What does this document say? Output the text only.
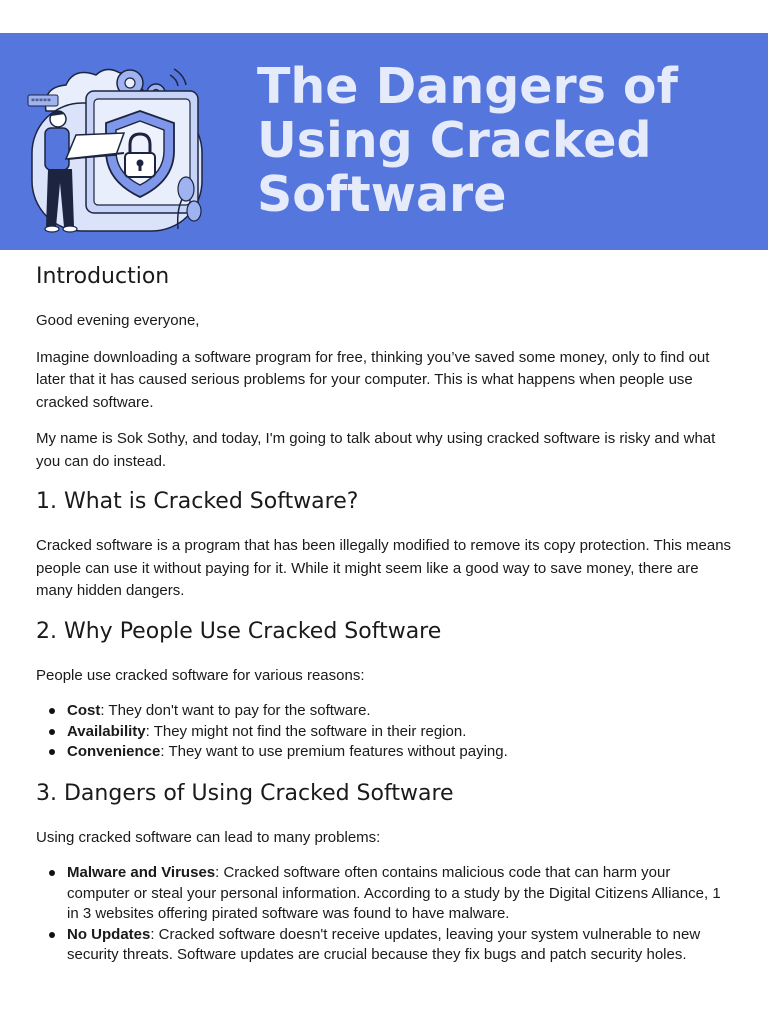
*****	The Dangers of Using Cracked Software
Introduction

Good evening everyone,

Imagine downloading a software program for free, thinking you’ve saved some money, only to find out later that it has caused serious problems for your computer. This is what happens when people use cracked software.

My name is Sok Sothy, and today, I'm going to talk about why using cracked software is risky and what you can do instead.

1. What is Cracked Software?

Cracked software is a program that has been illegally modified to remove its copy protection. This means people can use it without paying for it. While it might seem like a good way to save money, there are many hidden dangers.

2. Why People Use Cracked Software

People use cracked software for various reasons:

Cost: They don't want to pay for the software.
Availability: They might not find the software in their region.
Convenience: They want to use premium features without paying.
3. Dangers of Using Cracked Software

Using cracked software can lead to many problems:

Malware and Viruses: Cracked software often contains malicious code that can harm your computer or steal your personal information. According to a study by the Digital Citizens Alliance, 1 in 3 websites offering pirated software was found to have malware.
No Updates: Cracked software doesn't receive updates, leaving your system vulnerable to new security threats. Software updates are crucial because they fix bugs and patch security holes.
